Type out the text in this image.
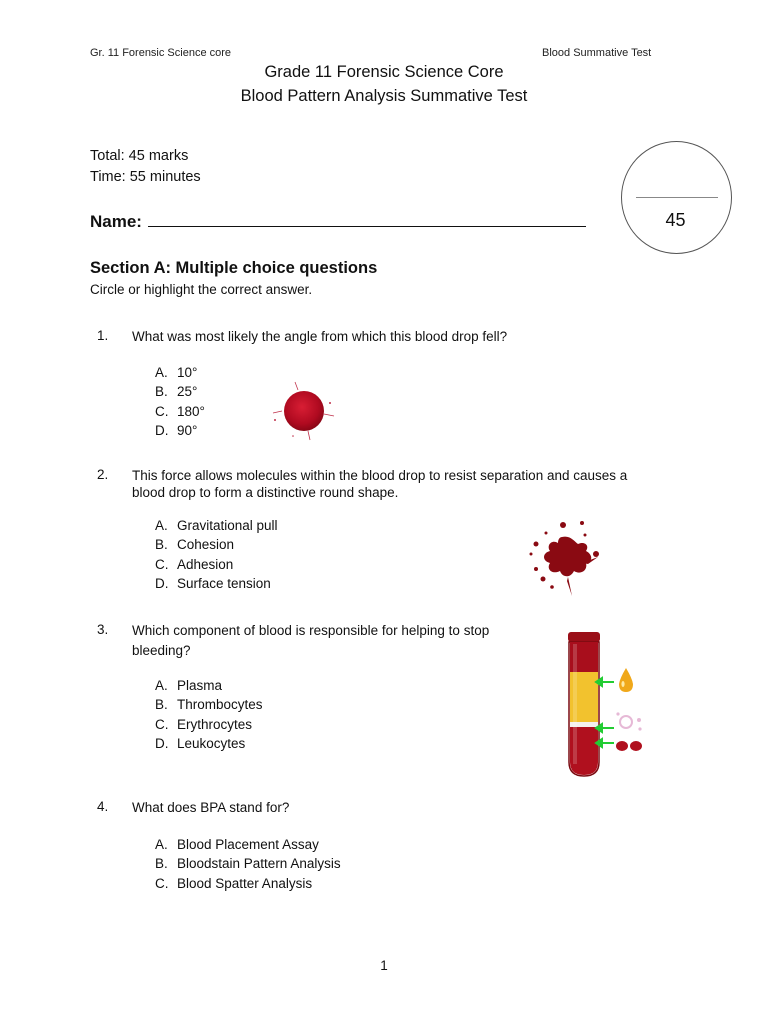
Gr. 11 Forensic Science core	Blood Summative Test
Grade 11 Forensic Science Core
Blood Pattern Analysis Summative Test
Total: 45 marks
Time: 55 minutes
Name:	45
Section A: Multiple choice questions
Circle or highlight the correct answer.
1. What was most likely the angle from which this blood drop fell?
A. 10°
B. 25°
C. 180°
D. 90°
2. This force allows molecules within the blood drop to resist separation and causes a
blood drop to form a distinctive round shape.
A. Gravitational pull
B. Cohesion
C. Adhesion
D. Surface tension
3. Which component of blood is responsible for helping to stop
bleeding?
A. Plasma
B. Thrombocytes
C. Erythrocytes
D. Leukocytes
4. What does BPA stand for?
A. Blood Placement Assay
B. Bloodstain Pattern Analysis
C. Blood Spatter Analysis
1
